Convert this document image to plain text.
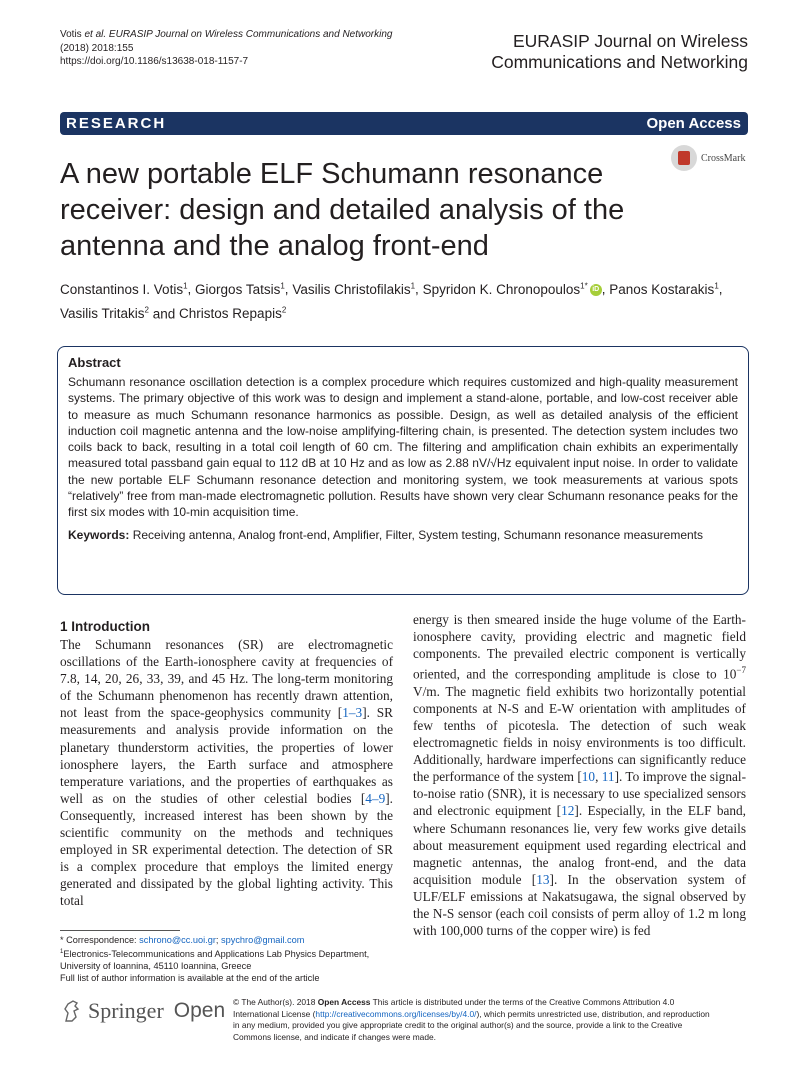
Votis et al. EURASIP Journal on Wireless Communications and Networking
(2018) 2018:155
https://doi.org/10.1186/s13638-018-1157-7
EURASIP Journal on Wireless
Communications and Networking
RESEARCH	Open Access
A new portable ELF Schumann resonance receiver: design and detailed analysis of the antenna and the analog front-end
CrossMark
Constantinos I. Votis$^1$, Giorgos Tatsis$^1$, Vasilis Christofilakis$^1$, Spyridon K. Chronopoulos$^{1*}$ iD , Panos Kostarakis$^1$,
Vasilis Tritakis$^2$ and Christos Repapis$^2$
Abstract

Schumann resonance oscillation detection is a complex procedure which requires customized and high-quality measurement systems. The primary objective of this work was to design and implement a stand-alone, portable, and low-cost receiver able to measure as much Schumann resonance harmonics as possible. Design, as well as detailed analysis of the efficient induction coil magnetic antenna and the low-noise amplifying-filtering chain, is presented. The detection system includes two coils back to back, resulting in a total coil length of 60 cm. The filtering and amplification chain exhibits an experimentally measured total passband gain equal to 112 dB at 10 Hz and as low as 2.88 nV/√Hz equivalent input noise. In order to validate the new portable ELF Schumann resonance detection and monitoring system, we took measurements at various spots “relatively” free from man-made electromagnetic pollution. Results have shown very clear Schumann resonance peaks for the first six modes with 10-min acquisition time.

Keywords: Receiving antenna, Analog front-end, Amplifier, Filter, System testing, Schumann resonance measurements

1 Introduction

The Schumann resonances (SR) are electromagnetic oscillations of the Earth-ionosphere cavity at frequencies of 7.8, 14, 20, 26, 33, 39, and 45 Hz. The long-term monitoring of the Schumann phenomenon has recently drawn attention, not least from the space-geophysics community [1–3]. SR measurements and analysis provide information on the planetary thunderstorm activities, the properties of lower ionosphere layers, the Earth surface and atmosphere temperature variations, and the properties of earthquakes as well as on the studies of other celestial bodies [4–9]. Consequently, increased interest has been shown by the scientific community on the methods and techniques employed in SR experimental detection. The detection of SR is a complex procedure that employs the limited energy generated and dissipated by the global lighting activity. This total

energy is then smeared inside the huge volume of the Earth-ionosphere cavity, providing electric and magnetic field components. The prevailed electric component is vertically oriented, and the corresponding amplitude is close to $10^{-7}$ V/m. The magnetic field exhibits two horizontally potential components at N-S and E-W orientation with amplitudes of few tenths of picotesla. The detection of such weak electromagnetic fields in noisy environments is too difficult. Additionally, hardware imperfections can significantly reduce the performance of the system [10, 11]. To improve the signal-to-noise ratio (SNR), it is necessary to use specialized sensors and electronic equipment [12]. Especially, in the ELF band, where Schumann resonances lie, very few works give details about measurement equipment used regarding electrical and magnetic antennas, the analog front-end, and the data acquisition module [13]. In the observation system of ULF/ELF emissions at Nakatsugawa, the signal observed by the N-S sensor (each coil consists of perm alloy of 1.2 m long with 100,000 turns of the copper wire) is fed

* Correspondence: schrono@cc.uoi.gr; spychro@gmail.com
$^1$Electronics-Telecommunications and Applications Lab Physics Department, University of Ioannina, 45110 Ioannina, Greece
Full list of author information is available at the end of the article
Springer Open © The Author(s). 2018 Open Access This article is distributed under the terms of the Creative Commons Attribution 4.0 International License (http://creativecommons.org/licenses/by/4.0/), which permits unrestricted use, distribution, and reproduction in any medium, provided you give appropriate credit to the original author(s) and the source, provide a link to the Creative Commons license, and indicate if changes were made.
